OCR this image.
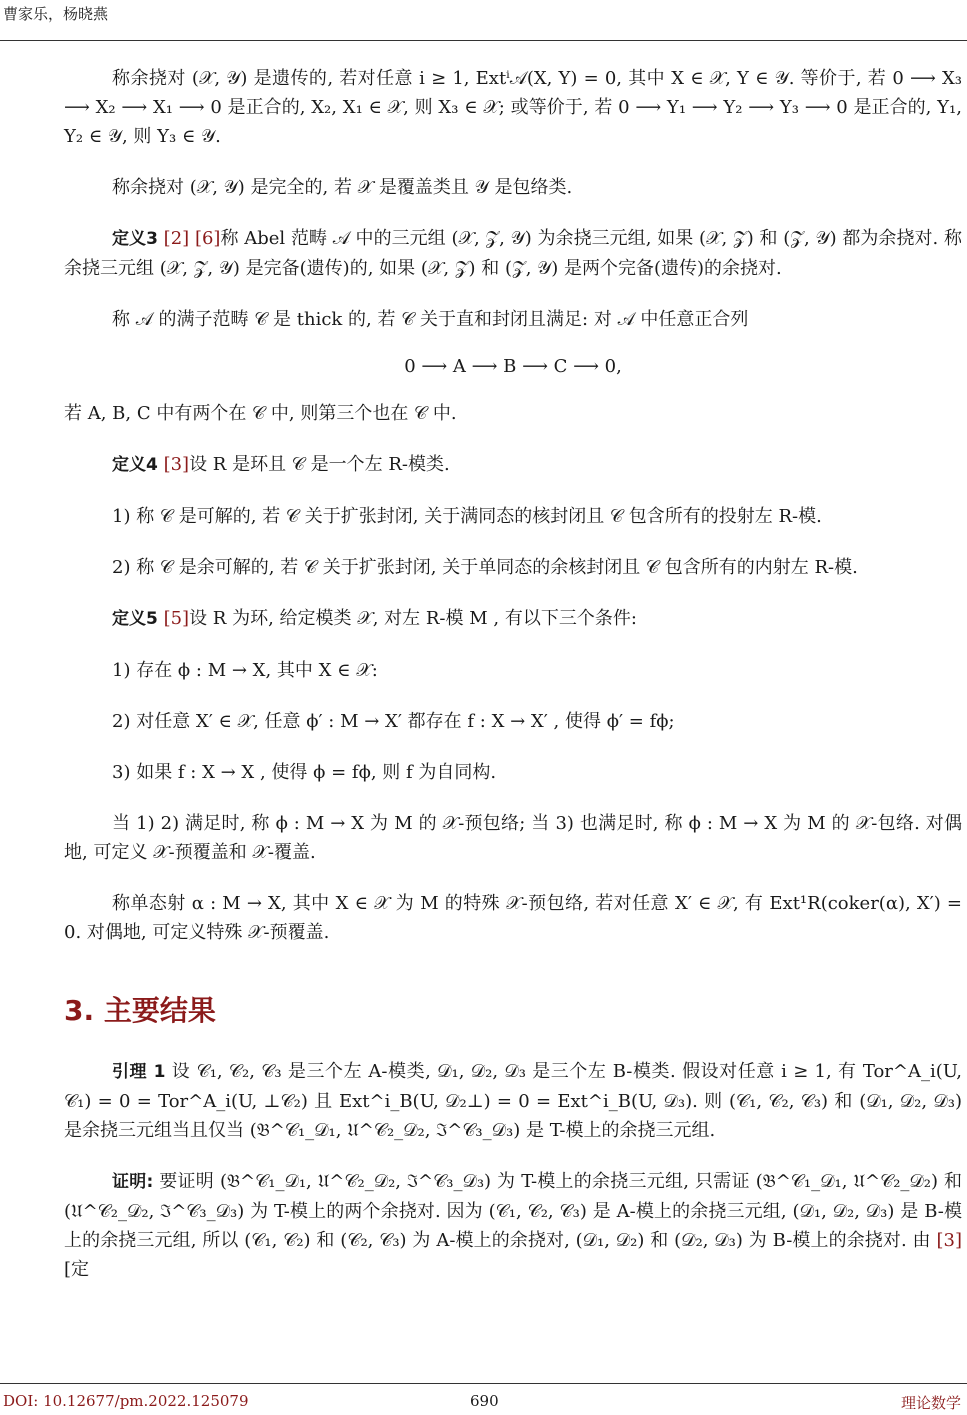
曹家乐，杨晓燕

称余挠对 (𝒳, 𝒴) 是遗传的, 若对任意 i ≥ 1, Extⁱ𝒜(X, Y) = 0, 其中 X ∈ 𝒳, Y ∈ 𝒴. 等价于, 若 0 ⟶ X₃ ⟶ X₂ ⟶ X₁ ⟶ 0 是正合的, X₂, X₁ ∈ 𝒳, 则 X₃ ∈ 𝒳; 或等价于, 若 0 ⟶ Y₁ ⟶ Y₂ ⟶ Y₃ ⟶ 0 是正合的, Y₁, Y₂ ∈ 𝒴, 则 Y₃ ∈ 𝒴.

称余挠对 (𝒳, 𝒴) 是完全的, 若 𝒳 是覆盖类且 𝒴 是包络类.

定义3 [2] [6]称 Abel 范畴 𝒜 中的三元组 (𝒳, 𝒵, 𝒴) 为余挠三元组, 如果 (𝒳, 𝒵) 和 (𝒵, 𝒴) 都为余挠对. 称余挠三元组 (𝒳, 𝒵, 𝒴) 是完备(遗传)的, 如果 (𝒳, 𝒵) 和 (𝒵, 𝒴) 是两个完备(遗传)的余挠对.

称 𝒜 的满子范畴 𝒞 是 thick 的, 若 𝒞 关于直和封闭且满足: 对 𝒜 中任意正合列

0 ⟶ A ⟶ B ⟶ C ⟶ 0,

若 A, B, C 中有两个在 𝒞 中, 则第三个也在 𝒞 中.

定义4 [3]设 R 是环且 𝒞 是一个左 R-模类.

1) 称 𝒞 是可解的, 若 𝒞 关于扩张封闭, 关于满同态的核封闭且 𝒞 包含所有的投射左 R-模.

2) 称 𝒞 是余可解的, 若 𝒞 关于扩张封闭, 关于单同态的余核封闭且 𝒞 包含所有的内射左 R-模.

定义5 [5]设 R 为环, 给定模类 𝒳, 对左 R-模 M , 有以下三个条件:

1) 存在 ϕ : M → X, 其中 X ∈ 𝒳:

2) 对任意 X′ ∈ 𝒳, 任意 ϕ′ : M → X′ 都存在 f : X → X′ , 使得 ϕ′ = fϕ;

3) 如果 f : X → X , 使得 ϕ = fϕ, 则 f 为自同构.

当 1) 2) 满足时, 称 ϕ : M → X 为 M 的 𝒳-预包络; 当 3) 也满足时, 称 ϕ : M → X 为 M 的 𝒳-包络. 对偶地, 可定义 𝒳-预覆盖和 𝒳-覆盖.

称单态射 α : M → X, 其中 X ∈ 𝒳 为 M 的特殊 𝒳-预包络, 若对任意 X′ ∈ 𝒳, 有 Ext¹R(coker(α), X′) = 0. 对偶地, 可定义特殊 𝒳-预覆盖.

3. 主要结果

引理 1 设 𝒞₁, 𝒞₂, 𝒞₃ 是三个左 A-模类, 𝒟₁, 𝒟₂, 𝒟₃ 是三个左 B-模类. 假设对任意 i ≥ 1, 有 Tor^A_i(U, 𝒞₁) = 0 = Tor^A_i(U, ⊥𝒞₂) 且 Ext^i_B(U, 𝒟₂⊥) = 0 = Ext^i_B(U, 𝒟₃). 则 (𝒞₁, 𝒞₂, 𝒞₃) 和 (𝒟₁, 𝒟₂, 𝒟₃) 是余挠三元组当且仅当 (𝔅^𝒞₁_𝒟₁, 𝔘^𝒞₂_𝒟₂, ℑ^𝒞₃_𝒟₃) 是 T-模上的余挠三元组.

证明: 要证明 (𝔅^𝒞₁_𝒟₁, 𝔘^𝒞₂_𝒟₂, ℑ^𝒞₃_𝒟₃) 为 T-模上的余挠三元组, 只需证 (𝔅^𝒞₁_𝒟₁, 𝔘^𝒞₂_𝒟₂) 和 (𝔘^𝒞₂_𝒟₂, ℑ^𝒞₃_𝒟₃) 为 T-模上的两个余挠对. 因为 (𝒞₁, 𝒞₂, 𝒞₃) 是 A-模上的余挠三元组, (𝒟₁, 𝒟₂, 𝒟₃) 是 B-模上的余挠三元组, 所以 (𝒞₁, 𝒞₂) 和 (𝒞₂, 𝒞₃) 为 A-模上的余挠对, (𝒟₁, 𝒟₂) 和 (𝒟₂, 𝒟₃) 为 B-模上的余挠对. 由 [3] [定

DOI: 10.12677/pm.2022.125079	690	理论数学
